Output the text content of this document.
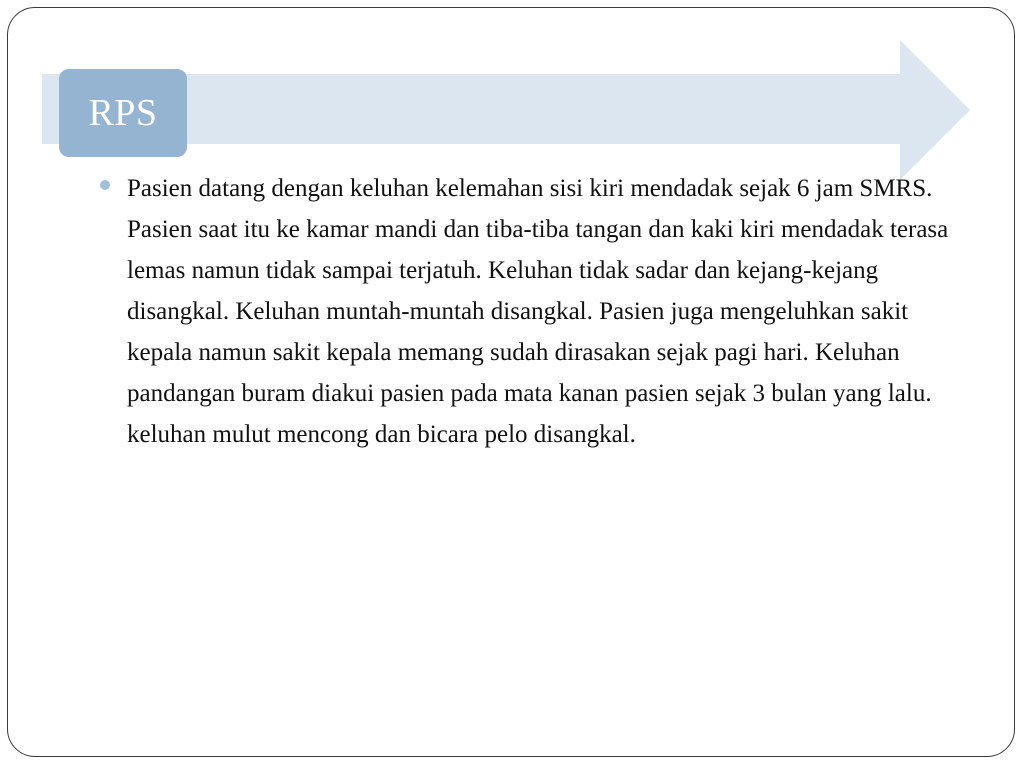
RPS

Pasien datang dengan keluhan kelemahan sisi kiri mendadak sejak 6 jam SMRS. Pasien saat itu ke kamar mandi dan tiba-tiba tangan dan kaki kiri mendadak terasa lemas namun tidak sampai terjatuh. Keluhan tidak sadar dan kejang-kejang disangkal. Keluhan muntah-muntah disangkal. Pasien juga mengeluhkan sakit kepala namun sakit kepala memang sudah dirasakan sejak pagi hari. Keluhan pandangan buram diakui pasien pada mata kanan pasien sejak 3 bulan yang lalu. keluhan mulut mencong dan bicara pelo disangkal.
